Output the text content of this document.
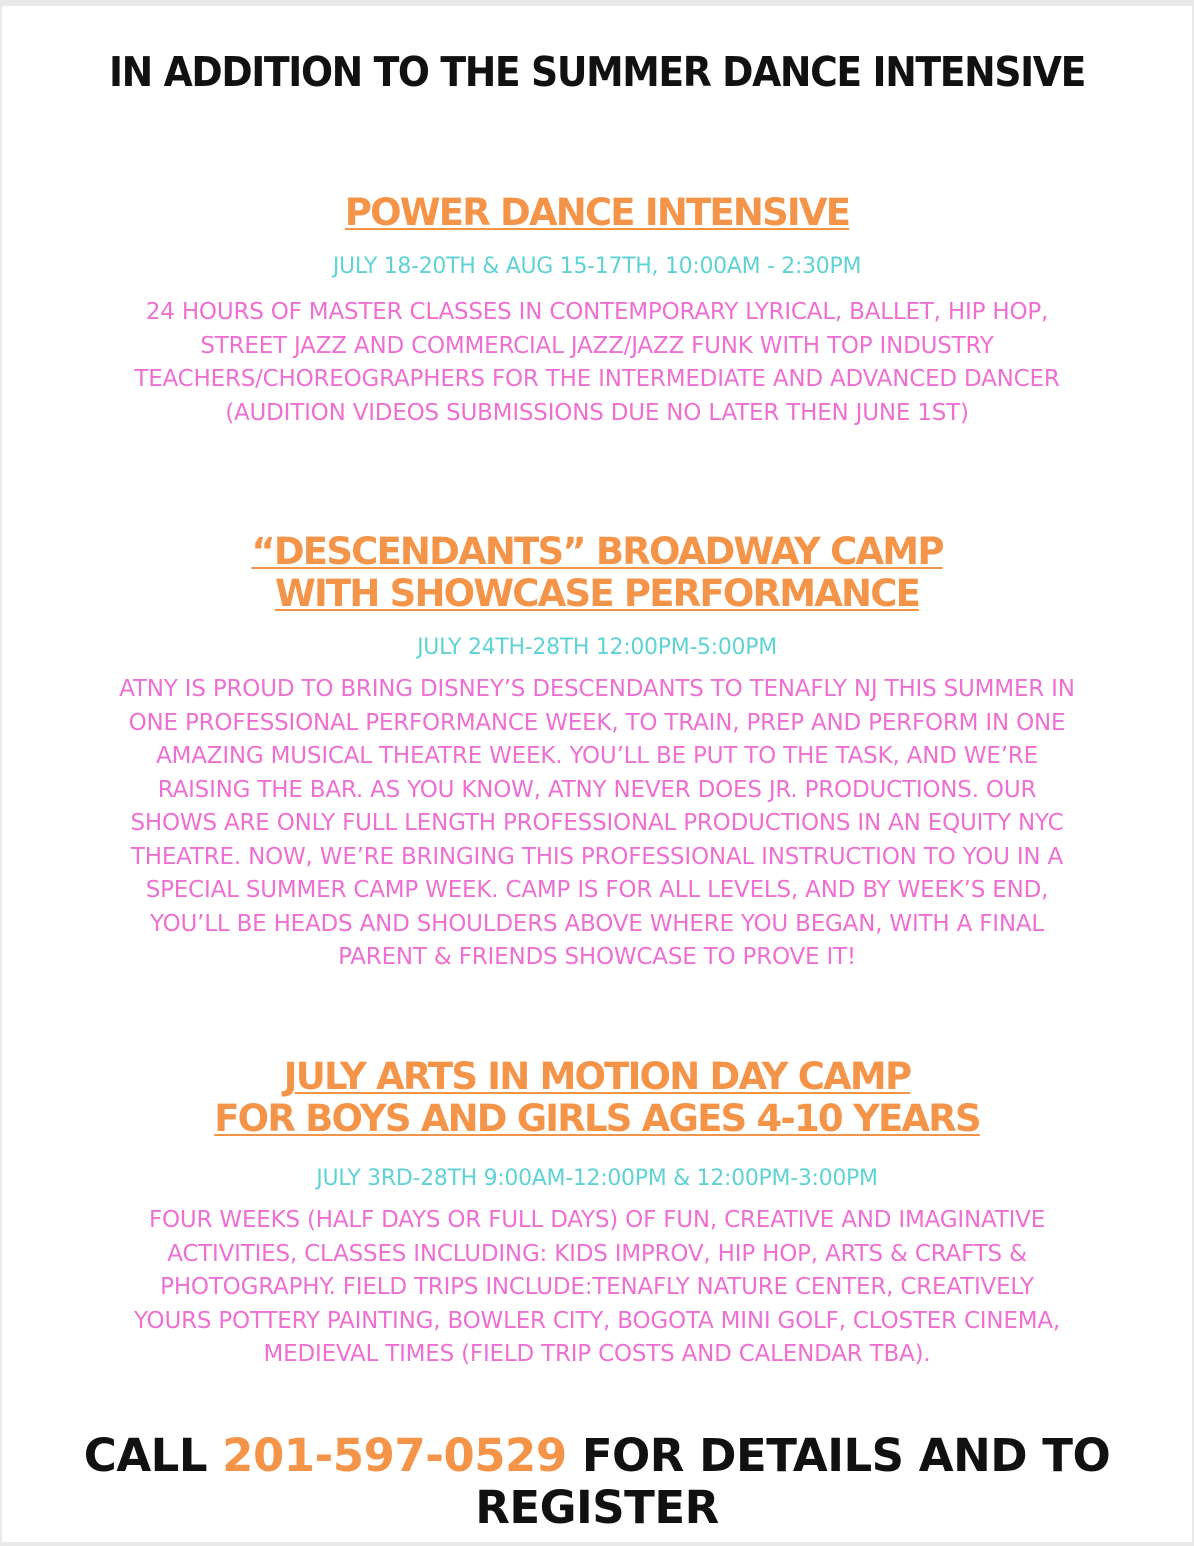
IN ADDITION TO THE SUMMER DANCE INTENSIVE
POWER DANCE INTENSIVE
JULY 18-20TH & AUG 15-17TH, 10:00AM - 2:30PM
24 HOURS OF MASTER CLASSES IN CONTEMPORARY LYRICAL, BALLET, HIP HOP,
STREET JAZZ AND COMMERCIAL JAZZ/JAZZ FUNK WITH TOP INDUSTRY
TEACHERS/CHOREOGRAPHERS FOR THE INTERMEDIATE AND ADVANCED DANCER
(AUDITION VIDEOS SUBMISSIONS DUE NO LATER THEN JUNE 1ST)
“DESCENDANTS” BROADWAY CAMP
WITH SHOWCASE PERFORMANCE
JULY 24TH-28TH 12:00PM-5:00PM
ATNY IS PROUD TO BRING DISNEY’S DESCENDANTS TO TENAFLY NJ THIS SUMMER IN
ONE PROFESSIONAL PERFORMANCE WEEK, TO TRAIN, PREP AND PERFORM IN ONE
AMAZING MUSICAL THEATRE WEEK. YOU’LL BE PUT TO THE TASK, AND WE’RE
RAISING THE BAR. AS YOU KNOW, ATNY NEVER DOES JR. PRODUCTIONS. OUR
SHOWS ARE ONLY FULL LENGTH PROFESSIONAL PRODUCTIONS IN AN EQUITY NYC
THEATRE. NOW, WE’RE BRINGING THIS PROFESSIONAL INSTRUCTION TO YOU IN A
SPECIAL SUMMER CAMP WEEK. CAMP IS FOR ALL LEVELS, AND BY WEEK’S END,
YOU’LL BE HEADS AND SHOULDERS ABOVE WHERE YOU BEGAN, WITH A FINAL
PARENT & FRIENDS SHOWCASE TO PROVE IT!
JULY ARTS IN MOTION DAY CAMP
FOR BOYS AND GIRLS AGES 4-10 YEARS
JULY 3RD-28TH 9:00AM-12:00PM & 12:00PM-3:00PM
FOUR WEEKS (HALF DAYS OR FULL DAYS) OF FUN, CREATIVE AND IMAGINATIVE
ACTIVITIES, CLASSES INCLUDING: KIDS IMPROV, HIP HOP, ARTS & CRAFTS &
PHOTOGRAPHY. FIELD TRIPS INCLUDE:TENAFLY NATURE CENTER, CREATIVELY
YOURS POTTERY PAINTING, BOWLER CITY, BOGOTA MINI GOLF, CLOSTER CINEMA,
MEDIEVAL TIMES (FIELD TRIP COSTS AND CALENDAR TBA).
CALL 201-597-0529 FOR DETAILS AND TO
REGISTER
